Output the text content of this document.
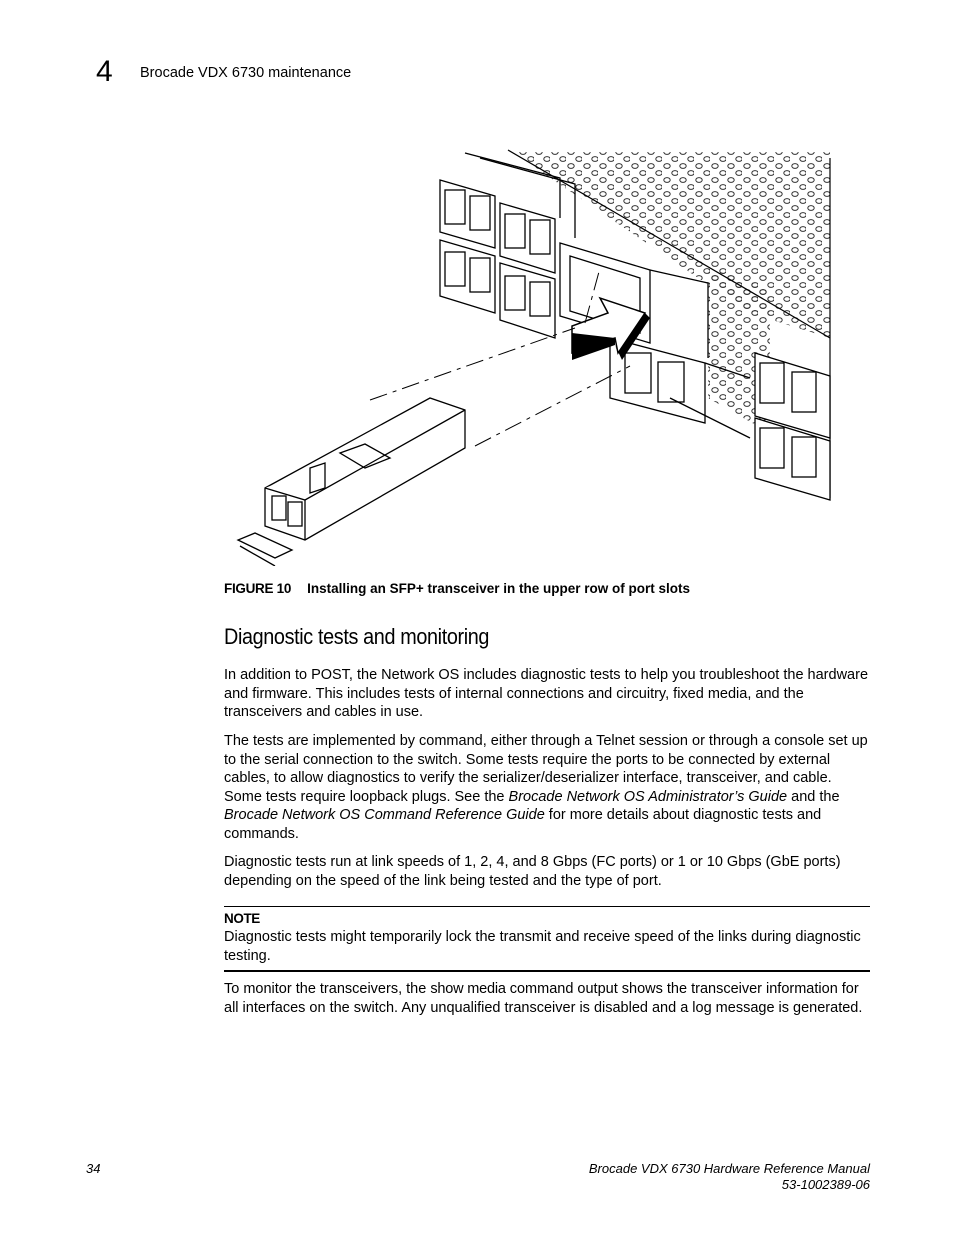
4 Brocade VDX 6730 maintenance
FIGURE 10 Installing an SFP+ transceiver in the upper row of port slots
Diagnostic tests and monitoring
In addition to POST, the Network OS includes diagnostic tests to help you troubleshoot the hardware and firmware. This includes tests of internal connections and circuitry, fixed media, and the transceivers and cables in use.
The tests are implemented by command, either through a Telnet session or through a console set up to the serial connection to the switch. Some tests require the ports to be connected by external cables, to allow diagnostics to verify the serializer/deserializer interface, transceiver, and cable. Some tests require loopback plugs. See the Brocade Network OS Administrator’s Guide and the Brocade Network OS Command Reference Guide for more details about diagnostic tests and commands.
Diagnostic tests run at link speeds of 1, 2, 4, and 8 Gbps (FC ports) or 1 or 10 Gbps (GbE ports) depending on the speed of the link being tested and the type of port.
NOTE
Diagnostic tests might temporarily lock the transmit and receive speed of the links during diagnostic testing.
To monitor the transceivers, the show media command output shows the transceiver information for all interfaces on the switch. Any unqualified transceiver is disabled and a log message is generated.
34	Brocade VDX 6730 Hardware Reference Manual
53-1002389-06
